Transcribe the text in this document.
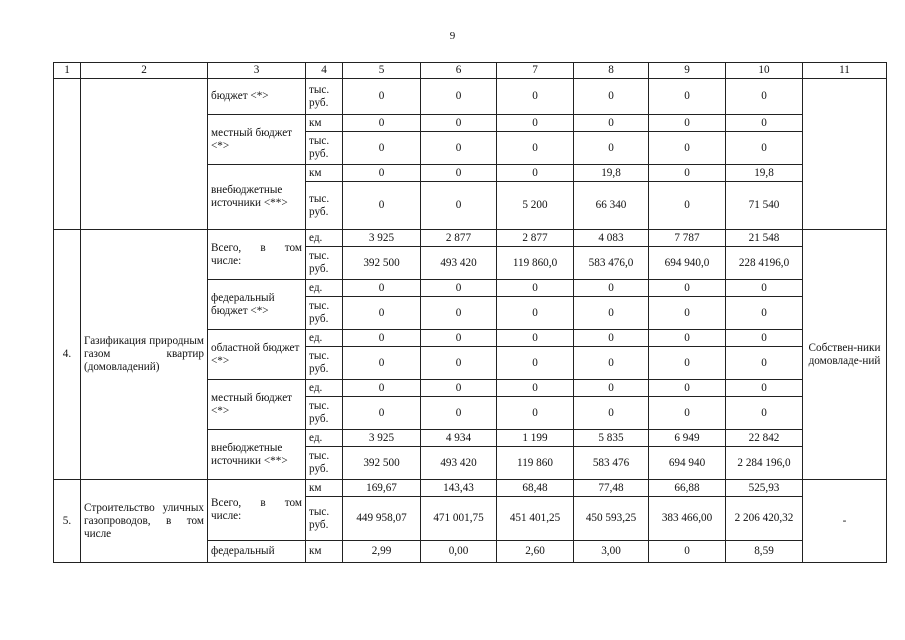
9
1	2	3	4	5	6	7	8	9	10	11
		бюджет <*>	тыс. руб.	0	0	0	0	0	0	
		местный бюджет <*>	км	0	0	0	0	0	0	
			тыс. руб.	0	0	0	0	0	0	
		внебюджетные источники <**>	км	0	0	0	19,8	0	19,8	
			тыс. руб.	0	0	5 200	66 340	0	71 540	
4.	Газификация природным газом квартир (домовладений)	Всего, в том числе:	ед.	3 925	2 877	2 877	4 083	7 787	21 548	Собствен-ники домовладе-ний
			тыс. руб.	392 500	493 420	119 860,0	583 476,0	694 940,0	228 4196,0	
		федеральный бюджет <*>	ед.	0	0	0	0	0	0	
			тыс. руб.	0	0	0	0	0	0	
		областной бюджет <*>	ед.	0	0	0	0	0	0	
			тыс. руб.	0	0	0	0	0	0	
		местный бюджет <*>	ед.	0	0	0	0	0	0	
			тыс. руб.	0	0	0	0	0	0	
		внебюджетные источники <**>	ед.	3 925	4 934	1 199	5 835	6 949	22 842	
			тыс. руб.	392 500	493 420	119 860	583 476	694 940	2 284 196,0	
5.	Строительство уличных газопроводов, в том числе	Всего, в том числе:	км	169,67	143,43	68,48	77,48	66,88	525,93	-
			тыс. руб.	449 958,07	471 001,75	451 401,25	450 593,25	383 466,00	2 206 420,32	
		федеральный	км	2,99	0,00	2,60	3,00	0	8,59	
